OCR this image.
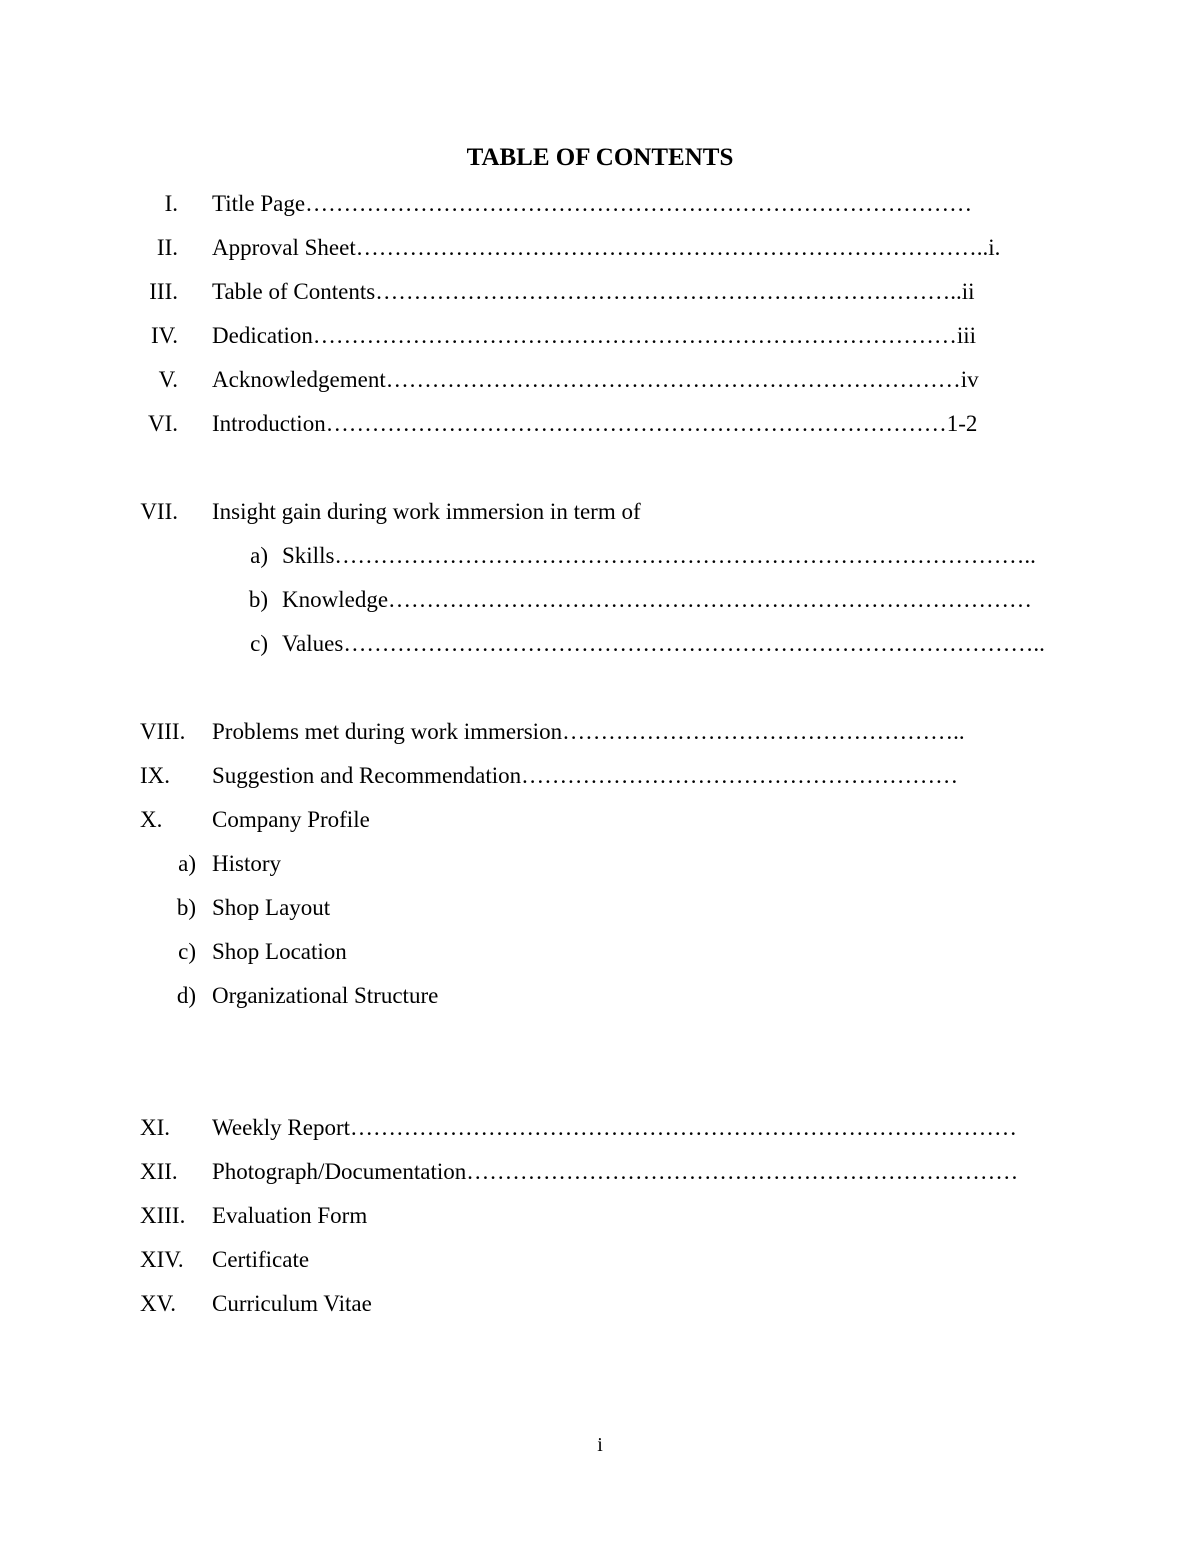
TABLE OF CONTENTS
I. Title Page……………………………………………………………………………
II. Approval Sheet………………………………………………………………………..i.
III. Table of Contents…………………………………………………………………..ii
IV. Dedication…………………………………………………………………………iii
V. Acknowledgement…………………………………………………………………iv
VI. Introduction………………………………………………………………………1-2
VII. Insight gain during work immersion in term of
a) Skills………………………………………………………………………………..
b) Knowledge…………………………………………………………………………
c) Values………………………………………………………………………………..
VIII.	Problems met during work immersion……………………………………………..
IX.	Suggestion and Recommendation…………………………………………………
X.	Company Profile
a) History
b) Shop Layout
c) Shop Location
d) Organizational Structure
XI.	Weekly Report……………………………………………………………………………
XII.	Photograph/Documentation………………………………………………………………
XIII.	Evaluation Form
XIV.	Certificate
XV.	Curriculum Vitae
i
